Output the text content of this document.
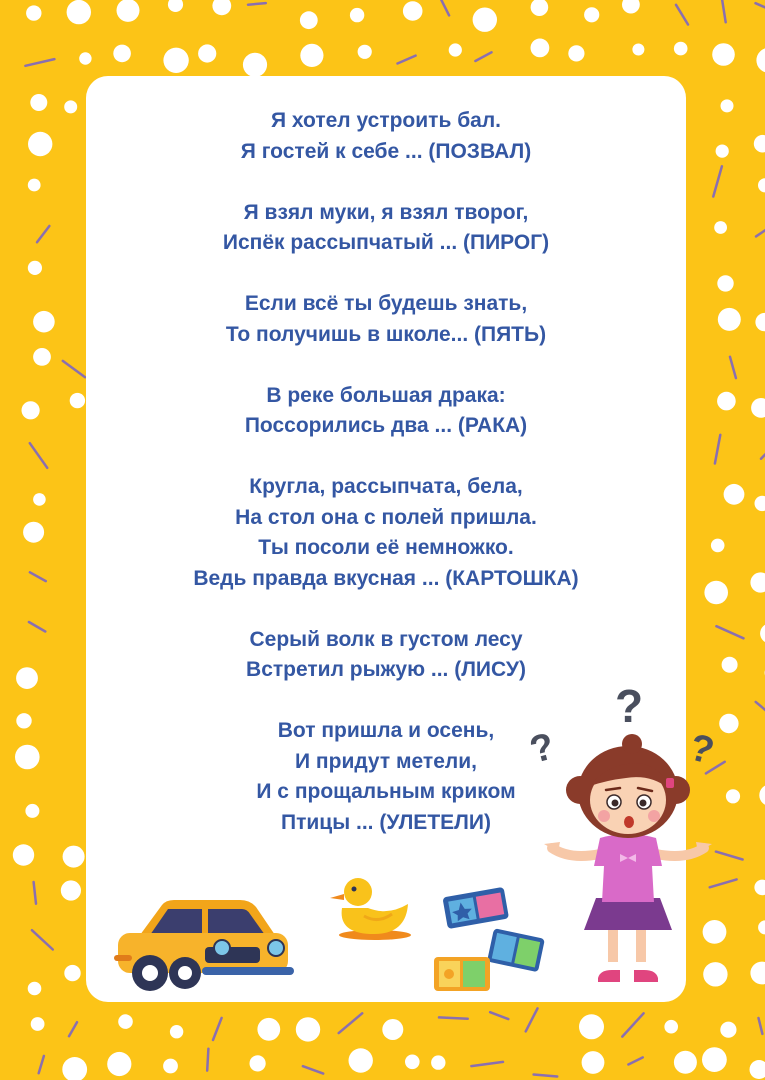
Я хотел устроить бал.
Я гостей к себе ... (ПОЗВАЛ)
Я взял муки, я взял творог,
Испёк рассыпчатый ... (ПИРОГ)
Если всё ты будешь знать,
То получишь в школе... (ПЯТЬ)
В реке большая драка:
Поссорились два ... (РАКА)
Кругла, рассыпчата, бела,
На стол она с полей пришла.
Ты посоли её немножко.
Ведь правда вкусная ... (КАРТОШКА)
Серый волк в густом лесу
Встретил рыжую ... (ЛИСУ)
Вот пришла и осень,
И придут метели,
И с прощальным криком
Птицы ... (УЛЕТЕЛИ)
?
?	?
